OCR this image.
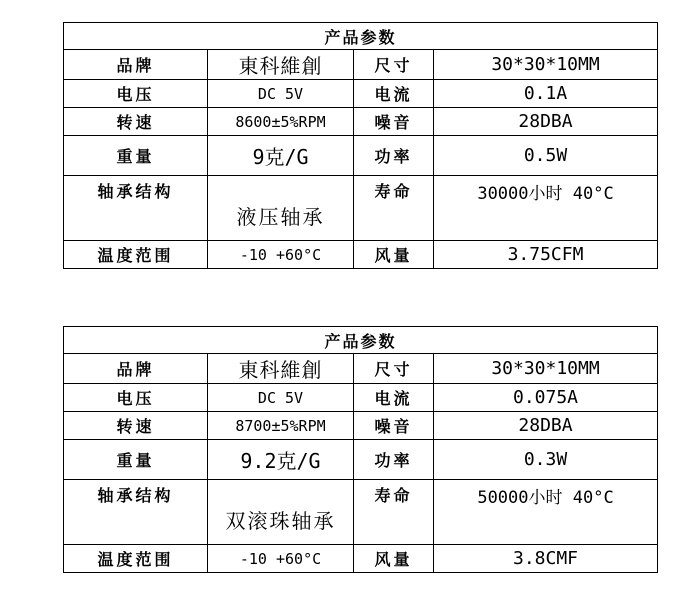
产品参数			
品牌	東科維創	尺寸	30*30*10MM
电压	DC 5V	电流	0.1A
转速	8600±5%RPM	噪音	28DBA
重量	9克/G	功率	0.5W
轴承结构	液压轴承	寿命	30000小时 40°C
温度范围	-10 +60°C	风量	3.75CFM
产品参数			
品牌	東科維創	尺寸	30*30*10MM
电压	DC 5V	电流	0.075A
转速	8700±5%RPM	噪音	28DBA
重量	9.2克/G	功率	0.3W
轴承结构	双滚珠轴承	寿命	50000小时 40°C
温度范围	-10 +60°C	风量	3.8CMF
